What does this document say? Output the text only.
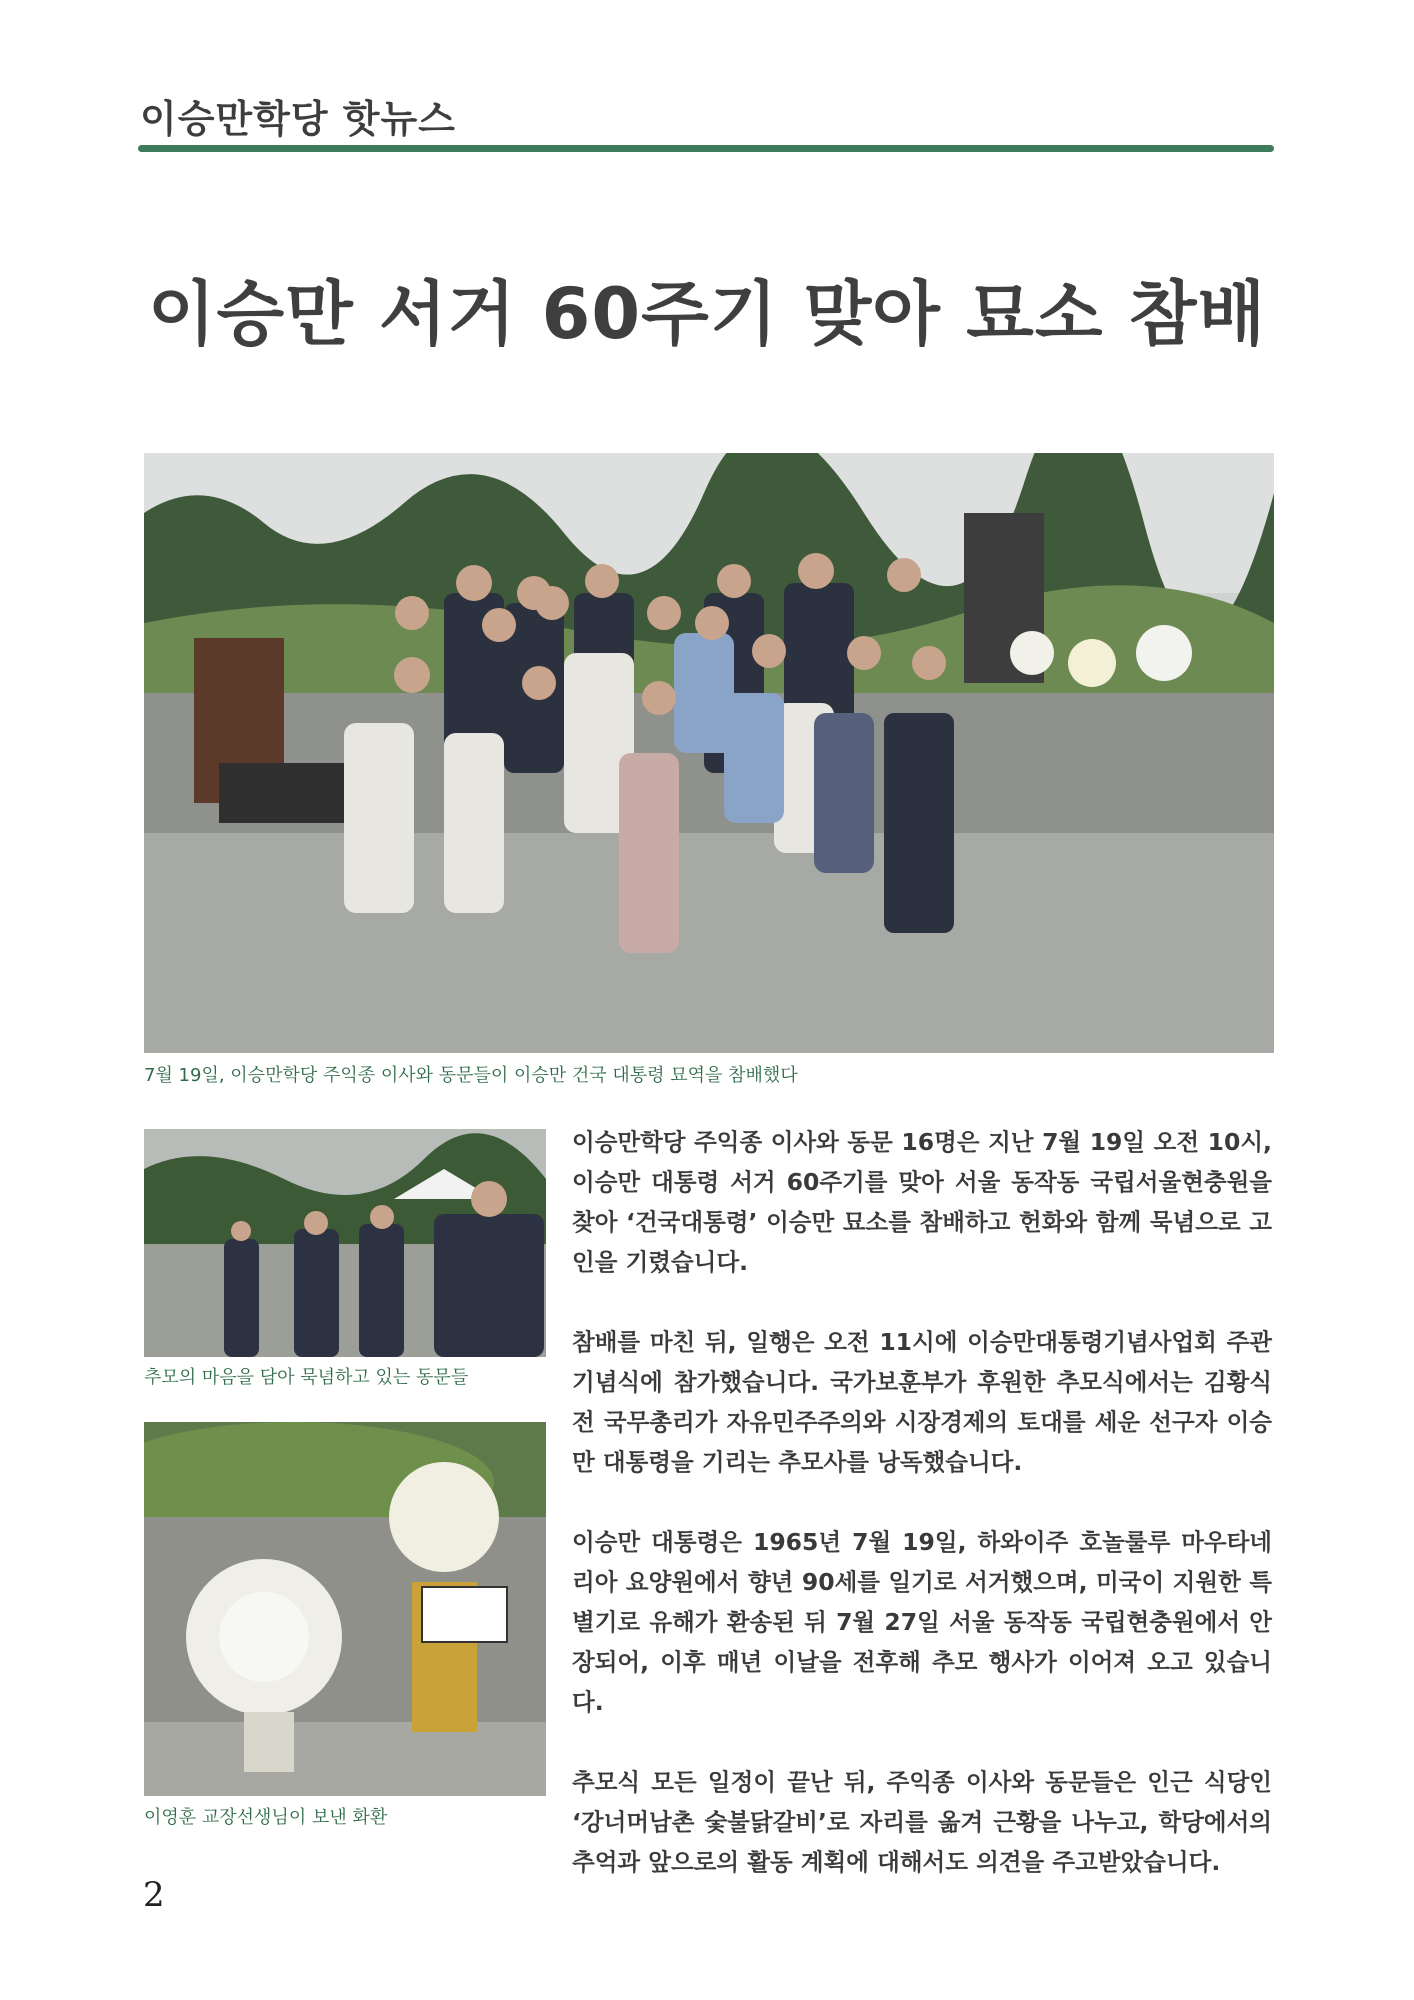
이승만학당 핫뉴스
이승만 서거 60주기 맞아 묘소 참배
7월 19일, 이승만학당 주익종 이사와 동문들이 이승만 건국 대통령 묘역을 참배했다
추모의 마음을 담아 묵념하고 있는 동문들
이영훈 교장선생님이 보낸 화환

이승만학당 주익종 이사와 동문 16명은 지난 7월 19일 오전 10시, 이승만 대통령 서거 60주기를 맞아 서울 동작동 국립서울현충원을 찾아 ‘건국대통령’ 이승만 묘소를 참배하고 헌화와 함께 묵념으로 고인을 기렸습니다.

참배를 마친 뒤, 일행은 오전 11시에 이승만대통령기념사업회 주관 기념식에 참가했습니다. 국가보훈부가 후원한 추모식에서는 김황식 전 국무총리가 자유민주주의와 시장경제의 토대를 세운 선구자 이승만 대통령을 기리는 추모사를 낭독했습니다.

이승만 대통령은 1965년 7월 19일, 하와이주 호놀룰루 마우타네리아 요양원에서 향년 90세를 일기로 서거했으며, 미국이 지원한 특별기로 유해가 환송된 뒤 7월 27일 서울 동작동 국립현충원에서 안장되어, 이후 매년 이날을 전후해 추모 행사가 이어져 오고 있습니다.

추모식 모든 일정이 끝난 뒤, 주익종 이사와 동문들은 인근 식당인 ‘강너머남촌 숯불닭갈비’로 자리를 옮겨 근황을 나누고, 학당에서의 추억과 앞으로의 활동 계획에 대해서도 의견을 주고받았습니다.

2
